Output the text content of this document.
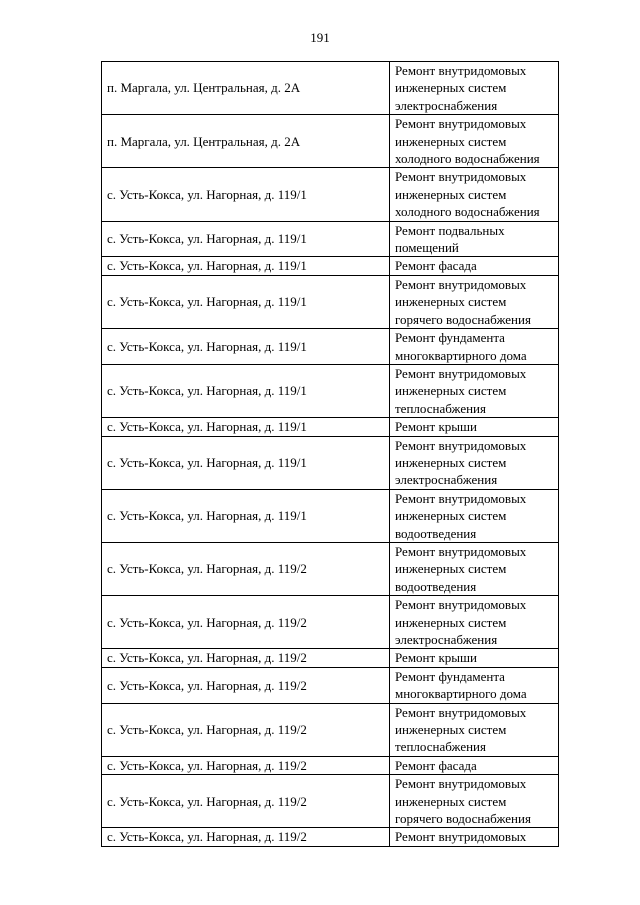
191
п. Маргала, ул. Центральная, д. 2А	Ремонт внутридомовых инженерных систем электроснабжения
п. Маргала, ул. Центральная, д. 2А	Ремонт внутридомовых инженерных систем холодного водоснабжения
с. Усть-Кокса, ул. Нагорная, д. 119/1	Ремонт внутридомовых инженерных систем холодного водоснабжения
с. Усть-Кокса, ул. Нагорная, д. 119/1	Ремонт подвальных помещений
с. Усть-Кокса, ул. Нагорная, д. 119/1	Ремонт фасада
с. Усть-Кокса, ул. Нагорная, д. 119/1	Ремонт внутридомовых инженерных систем горячего водоснабжения
с. Усть-Кокса, ул. Нагорная, д. 119/1	Ремонт фундамента многоквартирного дома
с. Усть-Кокса, ул. Нагорная, д. 119/1	Ремонт внутридомовых инженерных систем теплоснабжения
с. Усть-Кокса, ул. Нагорная, д. 119/1	Ремонт крыши
с. Усть-Кокса, ул. Нагорная, д. 119/1	Ремонт внутридомовых инженерных систем электроснабжения
с. Усть-Кокса, ул. Нагорная, д. 119/1	Ремонт внутридомовых инженерных систем водоотведения
с. Усть-Кокса, ул. Нагорная, д. 119/2	Ремонт внутридомовых инженерных систем водоотведения
с. Усть-Кокса, ул. Нагорная, д. 119/2	Ремонт внутридомовых инженерных систем электроснабжения
с. Усть-Кокса, ул. Нагорная, д. 119/2	Ремонт крыши
с. Усть-Кокса, ул. Нагорная, д. 119/2	Ремонт фундамента многоквартирного дома
с. Усть-Кокса, ул. Нагорная, д. 119/2	Ремонт внутридомовых инженерных систем теплоснабжения
с. Усть-Кокса, ул. Нагорная, д. 119/2	Ремонт фасада
с. Усть-Кокса, ул. Нагорная, д. 119/2	Ремонт внутридомовых инженерных систем горячего водоснабжения
с. Усть-Кокса, ул. Нагорная, д. 119/2	Ремонт внутридомовых
